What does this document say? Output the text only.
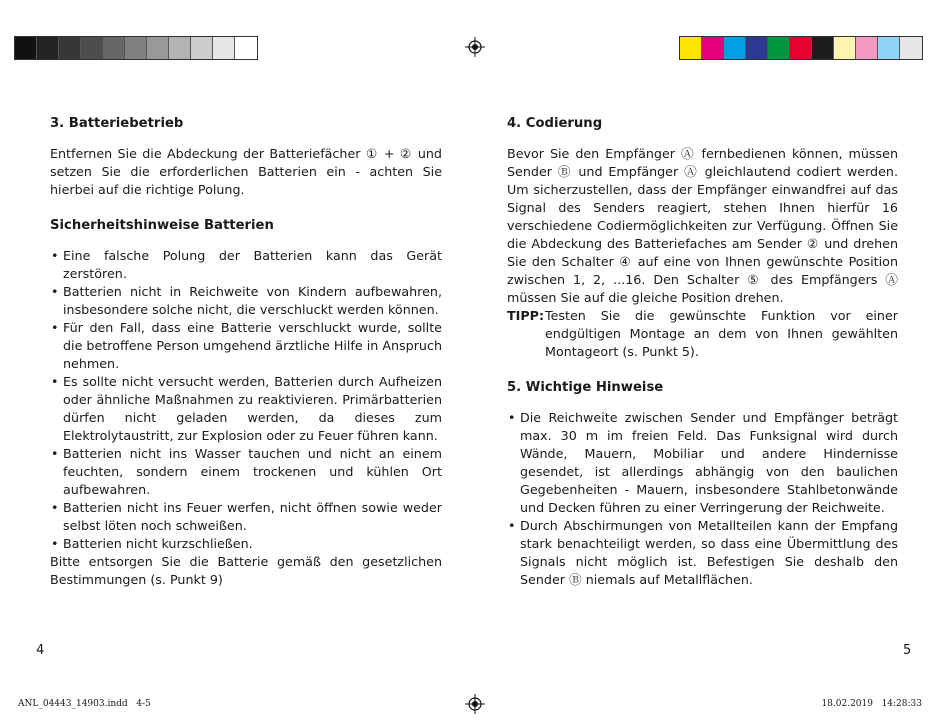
3. Batteriebetrieb

Entfernen Sie die Abdeckung der Batteriefächer ① + ② und setzen Sie die erforderlichen Batterien ein - achten Sie hierbei auf die richtige Polung.

Sicherheitshinweise Batterien
• Eine falsche Polung der Batterien kann das Gerät zerstören.
• Batterien nicht in Reichweite von Kindern aufbewahren, insbesondere solche nicht, die verschluckt werden können.
• Für den Fall, dass eine Batterie verschluckt wurde, sollte die betroffene Person umgehend ärztliche Hilfe in Anspruch nehmen.
• Es sollte nicht versucht werden, Batterien durch Aufheizen oder ähnliche Maßnahmen zu reaktivieren. Primärbatterien dürfen nicht geladen werden, da dieses zum Elektrolytaustritt, zur Explosion oder zu Feuer führen kann.
• Batterien nicht ins Wasser tauchen und nicht an einem feuchten, sondern einem trockenen und kühlen Ort aufbewahren.
• Batterien nicht ins Feuer werfen, nicht öffnen sowie weder selbst löten noch schweißen.
• Batterien nicht kurzschließen.

Bitte entsorgen Sie die Batterie gemäß den gesetzlichen Bestimmungen (s. Punkt 9)

4. Codierung

Bevor Sie den Empfänger Ⓐ fernbedienen können, müssen Sender Ⓑ und Empfänger Ⓐ gleichlautend codiert werden. Um sicherzustellen, dass der Empfänger einwandfrei auf das Signal des Senders reagiert, stehen Ihnen hierfür 16 verschiedene Codiermöglichkeiten zur Verfügung. Öffnen Sie die Abdeckung des Batteriefaches am Sender ② und drehen Sie den Schalter ④ auf eine von Ihnen gewünschte Position zwischen 1, 2, ...16. Den Schalter ⑤ des Empfängers Ⓐ müssen Sie auf die gleiche Position drehen.

TIPP: Testen Sie die gewünschte Funktion vor einer endgültigen Montage an dem von Ihnen gewählten Montageort (s. Punkt 5).
5. Wichtige Hinweise
• Die Reichweite zwischen Sender und Empfänger beträgt max. 30 m im freien Feld. Das Funksignal wird durch Wände, Mauern, Mobiliar und andere Hindernisse gesendet, ist allerdings abhängig von den baulichen Gegebenheiten - Mauern, insbesondere Stahlbetonwände und Decken führen zu einer Verringerung der Reichweite.
• Durch Abschirmungen von Metallteilen kann der Empfang stark benachteiligt werden, so dass eine Übermittlung des Signals nicht möglich ist. Befestigen Sie deshalb den Sender Ⓑ niemals auf Metallflächen.
4	5
ANL_04443_14903.indd   4-5	18.02.2019   14:28:33
